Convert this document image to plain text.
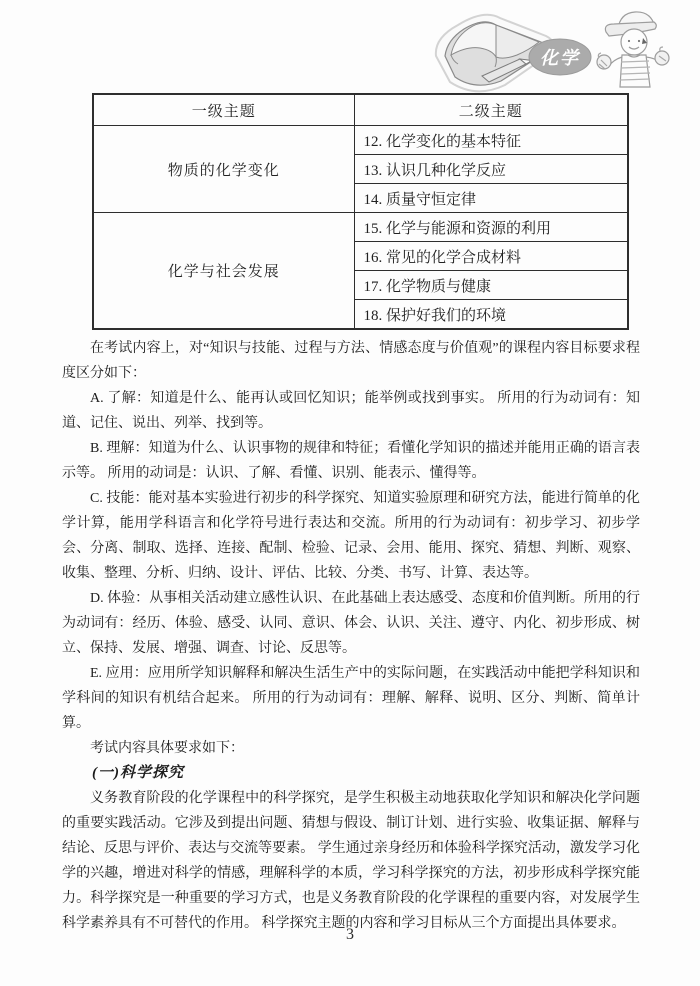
化学
一级主题	二级主题
物质的化学变化	12. 化学变化的基本特征
	13. 认识几种化学反应
	14. 质量守恒定律
化学与社会发展	15. 化学与能源和资源的利用
	16. 常见的化学合成材料
	17. 化学物质与健康
	18. 保护好我们的环境

在考试内容上，对“知识与技能、过程与方法、情感态度与价值观”的课程内容目标要求程度区分如下：

A. 了解：知道是什么、能再认或回忆知识；能举例或找到事实。 所用的行为动词有：知道、记住、说出、列举、找到等。

B. 理解：知道为什么、认识事物的规律和特征；看懂化学知识的描述并能用正确的语言表示等。 所用的动词是：认识、了解、看懂、识别、能表示、懂得等。

C. 技能：能对基本实验进行初步的科学探究、知道实验原理和研究方法，能进行简单的化学计算，能用学科语言和化学符号进行表达和交流。所用的行为动词有：初步学习、初步学会、分离、制取、选择、连接、配制、检验、记录、会用、能用、探究、猜想、判断、观察、收集、整理、分析、归纳、设计、评估、比较、分类、书写、计算、表达等。

D. 体验：从事相关活动建立感性认识、在此基础上表达感受、态度和价值判断。所用的行为动词有：经历、体验、感受、认同、意识、体会、认识、关注、遵守、内化、初步形成、树立、保持、发展、增强、调查、讨论、反思等。

E. 应用：应用所学知识解释和解决生活生产中的实际问题，在实践活动中能把学科知识和学科间的知识有机结合起来。 所用的行为动词有：理解、解释、说明、区分、判断、简单计算。

考试内容具体要求如下：

(一)科学探究

义务教育阶段的化学课程中的科学探究，是学生积极主动地获取化学知识和解决化学问题的重要实践活动。它涉及到提出问题、猜想与假设、制订计划、进行实验、收集证据、解释与结论、反思与评价、表达与交流等要素。 学生通过亲身经历和体验科学探究活动，激发学习化学的兴趣，增进对科学的情感，理解科学的本质，学习科学探究的方法，初步形成科学探究能力。科学探究是一种重要的学习方式，也是义务教育阶段的化学课程的重要内容，对发展学生科学素养具有不可替代的作用。 科学探究主题的内容和学习目标从三个方面提出具体要求。

3
